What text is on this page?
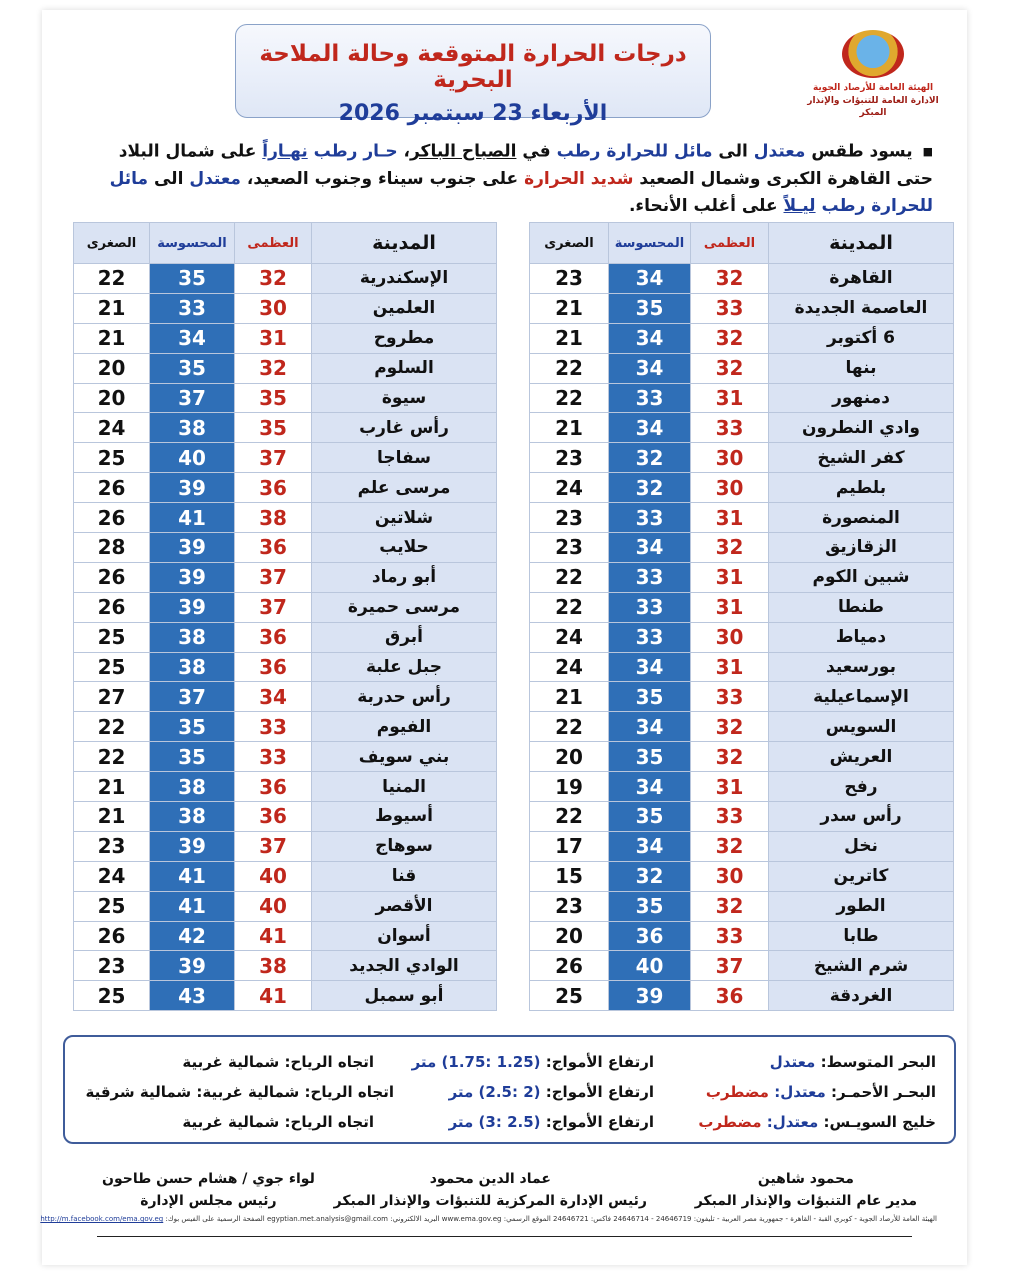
الهيئة العامة للأرصاد الجوية
الادارة العامة للتنبؤات والإنذار المبكر
درجات الحرارة المتوقعة وحالة الملاحة البحرية
الأربعاء 23 سبتمبر 2026
■يسود طقس معتدل الى مائل للحرارة رطب في الصباح الباكر، حـار رطب نهـاراً على شمال البلاد حتى القاهرة الكبرى وشمال الصعيد شديد الحرارة على جنوب سيناء وجنوب الصعيد، معتدل الى مائل للحرارة رطب ليـلاً على أغلب الأنحاء.
المدينة	العظمى	المحسوسة	الصغرى
القاهرة	32	34	23
العاصمة الجديدة	33	35	21
6 أكتوبر	32	34	21
بنها	32	34	22
دمنهور	31	33	22
وادي النطرون	33	34	21
كفر الشيخ	30	32	23
بلطيم	30	32	24
المنصورة	31	33	23
الزقازيق	32	34	23
شبين الكوم	31	33	22
طنطا	31	33	22
دمياط	30	33	24
بورسعيد	31	34	24
الإسماعيلية	33	35	21
السويس	32	34	22
العريش	32	35	20
رفح	31	34	19
رأس سدر	33	35	22
نخل	32	34	17
كاترين	30	32	15
الطور	32	35	23
طابا	33	36	20
شرم الشيخ	37	40	26
الغردقة	36	39	25
المدينة	العظمى	المحسوسة	الصغرى
الإسكندرية	32	35	22
العلمين	30	33	21
مطروح	31	34	21
السلوم	32	35	20
سيوة	35	37	20
رأس غارب	35	38	24
سفاجا	37	40	25
مرسى علم	36	39	26
شلاتين	38	41	26
حلايب	36	39	28
أبو رماد	37	39	26
مرسى حميرة	37	39	26
أبرق	36	38	25
جبل علبة	36	38	25
رأس حدربة	34	37	27
الفيوم	33	35	22
بني سويف	33	35	22
المنيا	36	38	21
أسيوط	36	38	21
سوهاج	37	39	23
قنا	40	41	24
الأقصر	40	41	25
أسوان	41	42	26
الوادي الجديد	38	39	23
أبو سمبل	41	43	25
البحر المتوسط: معتدل
ارتفاع الأمواج: (1.25 :1.75) متر
اتجاه الرياح: شمالية غربية
البحـر الأحمـر: معتدل: مضطرب
ارتفاع الأمواج: (2 :2.5) متر
اتجاه الرياح: شمالية غربية: شمالية شرقية
خليج السويـس: معتدل: مضطرب
ارتفاع الأمواج: (2.5 :3) متر
اتجاه الرياح: شمالية غربية
محمود شاهين
مدير عام التنبؤات والإنذار المبكر
عماد الدين محمود
رئيس الإدارة المركزية للتنبؤات والإنذار المبكر
لواء جوي / هشام حسن طاحون
رئيس مجلس الإدارة
الهيئة العامة للأرصاد الجوية - كوبري القبة - القاهرة - جمهورية مصر العربية - تليفون: 24646719 - 24646714 فاكس: 24646721 الموقع الرسمي: www.ema.gov.eg البريد الالكتروني: egyptian.met.analysis@gmail.com الصفحة الرسمية على الفيس بوك: http://m.facebook.com/ema.gov.eg
